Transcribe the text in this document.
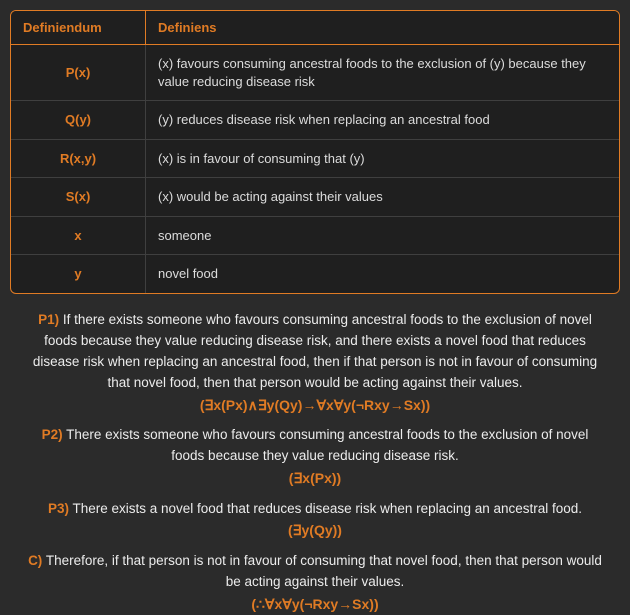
Definiendum	Definiens
P(x)	(x) favours consuming ancestral foods to the exclusion of (y) because they value reducing disease risk
Q(y)	(y) reduces disease risk when replacing an ancestral food
R(x,y)	(x) is in favour of consuming that (y)
S(x)	(x) would be acting against their values
x	someone
y	novel food

P1) If there exists someone who favours consuming ancestral foods to the exclusion of novel foods because they value reducing disease risk, and there exists a novel food that reduces disease risk when replacing an ancestral food, then if that person is not in favour of consuming that novel food, then that person would be acting against their values.

(∃x(Px)∧∃y(Qy)→∀x∀y(¬Rxy→Sx))

P2) There exists someone who favours consuming ancestral foods to the exclusion of novel foods because they value reducing disease risk.

(∃x(Px))

P3) There exists a novel food that reduces disease risk when replacing an ancestral food.

(∃y(Qy))

C) Therefore, if that person is not in favour of consuming that novel food, then that person would be acting against their values.

(∴∀x∀y(¬Rxy→Sx))
